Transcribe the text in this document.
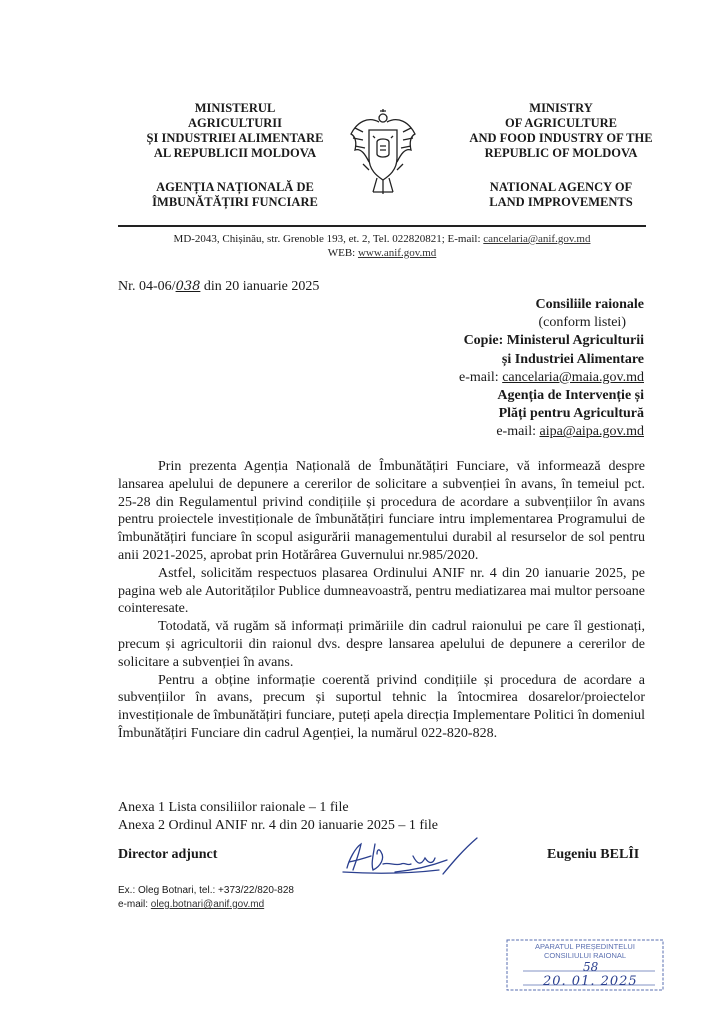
MINISTERUL
AGRICULTURII
ȘI INDUSTRIEI ALIMENTARE
AL REPUBLICII MOLDOVA
AGENȚIA NAȚIONALĂ DE
ÎMBUNĂTĂȚIRI FUNCIARE
MINISTRY
OF AGRICULTURE
AND FOOD INDUSTRY OF THE
REPUBLIC OF MOLDOVA
NATIONAL AGENCY OF
LAND IMPROVEMENTS
MD-2043, Chișinău, str. Grenoble 193, et. 2, Tel. 022820821; E-mail: cancelaria@anif.gov.md
WEB: www.anif.gov.md
Nr. 04-06/038 din 20 ianuarie 2025
Consiliile raionale
(conform listei)
Copie: Ministerul Agriculturii
și Industriei Alimentare
e-mail: cancelaria@maia.gov.md
Agenția de Intervenție și
Plăți pentru Agricultură
e-mail: aipa@aipa.gov.md

Prin prezenta Agenția Națională de Îmbunătățiri Funciare, vă informează despre lansarea apelului de depunere a cererilor de solicitare a subvenției în avans, în temeiul pct. 25-28 din Regulamentul privind condițiile și procedura de acordare a subvențiilor în avans pentru proiectele investiționale de îmbunătățiri funciare intru implementarea Programului de îmbunătățiri funciare în scopul asigurării managementului durabil al resurselor de sol pentru anii 2021-2025, aprobat prin Hotărârea Guvernului nr.985/2020.

Astfel, solicităm respectuos plasarea Ordinului ANIF nr. 4 din 20 ianuarie 2025, pe pagina web ale Autorităților Publice dumneavoastră, pentru mediatizarea mai multor persoane cointeresate.

Totodată, vă rugăm să informați primăriile din cadrul raionului pe care îl gestionați, precum și agricultorii din raionul dvs. despre lansarea apelului de depunere a cererilor de solicitare a subvenției în avans.

Pentru a obține informație coerentă privind condițiile și procedura de acordare a subvențiilor în avans, precum și suportul tehnic la întocmirea dosarelor/proiectelor investiționale de îmbunătățiri funciare, puteți apela direcția Implementare Politici în domeniul Îmbunătățiri Funciare din cadrul Agenției, la numărul 022-820-828.

Anexa 1 Lista consiliilor raionale – 1 file
Anexa 2 Ordinul ANIF nr. 4 din 20 ianuarie 2025 – 1 file
Director adjunct	Eugeniu BELÎI
Ex.: Oleg Botnari, tel.: +373/22/820-828
e-mail: oleg.botnari@anif.gov.md
APARATUL PREȘEDINTELUI
CONSILIULUI RAIONAL
58
20. 01. 2025
